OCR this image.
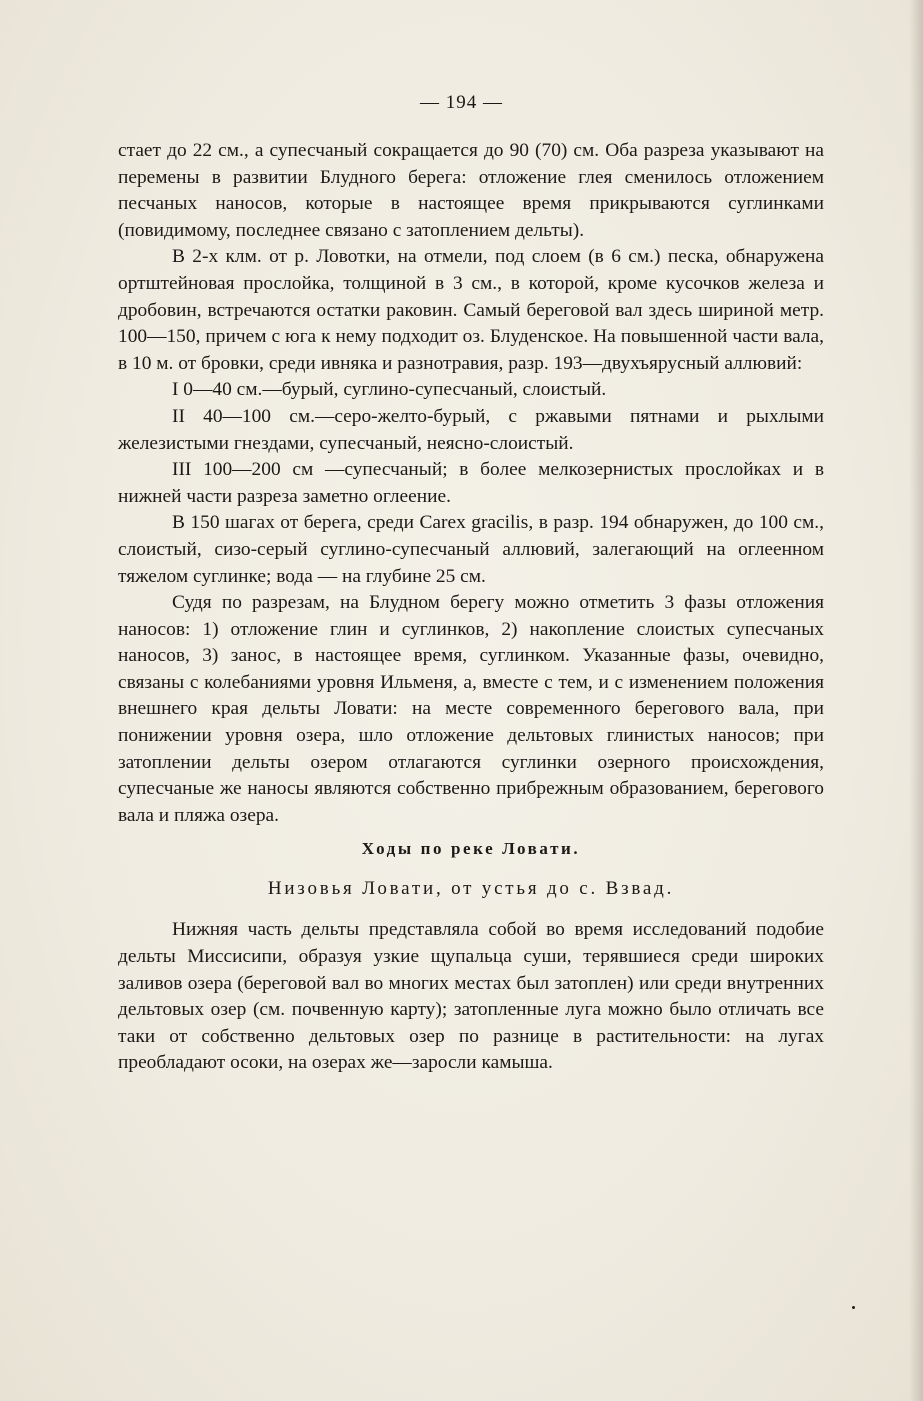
— 194 —

стает до 22 см., а супесчаный сокращается до 90 (70) см. Оба разреза указывают на перемены в развитии Блудного берега: отложение глея сменилось отложением песчаных наносов, которые в настоящее время прикрываются суглинками (повидимому, последнее связано с затоплением дельты).

В 2-х клм. от р. Ловотки, на отмели, под слоем (в 6 см.) песка, обнаружена ортштейновая прослойка, толщиной в 3 см., в которой, кроме кусочков железа и дробовин, встречаются остатки раковин. Самый береговой вал здесь шириной метр. 100—150, причем с юга к нему подходит оз. Блуденское. На повышенной части вала, в 10 м. от бровки, среди ивняка и разнотравия, разр. 193—двухъярусный аллювий:

I 0—40 см.—бурый, суглино-супесчаный, слоистый.

II 40—100 см.—серо-желто-бурый, с ржавыми пятнами и рыхлыми железистыми гнездами, супесчаный, неясно-слоистый.

III 100—200 см —супесчаный; в более мелкозернистых прослойках и в нижней части разреза заметно оглеение.

В 150 шагах от берега, среди Carex gracilis, в разр. 194 обнаружен, до 100 см., слоистый, сизо-серый суглино-супесчаный аллювий, залегающий на оглеенном тяжелом суглинке; вода — на глубине 25 см.

Судя по разрезам, на Блудном берегу можно отметить 3 фазы отложения наносов: 1) отложение глин и суглинков, 2) накопление слоистых супесчаных наносов, 3) занос, в настоящее время, суглинком. Указанные фазы, очевидно, связаны с колебаниями уровня Ильменя, а, вместе с тем, и с изменением положения внешнего края дельты Ловати: на месте современного берегового вала, при понижении уровня озера, шло отложение дельтовых глинистых наносов; при затоплении дельты озером отлагаются суглинки озерного происхождения, супесчаные же наносы являются собственно прибрежным образованием, берегового вала и пляжа озера.

Ходы по реке Ловати.
Низовья Ловати, от устья до с. Взвад.

Нижняя часть дельты представляла собой во время исследований подобие дельты Миссисипи, образуя узкие щупальца суши, терявшиеся среди широких заливов озера (береговой вал во многих местах был затоплен) или среди внутренних дельтовых озер (см. почвенную карту); затопленные луга можно было отличать все таки от собственно дельтовых озер по разнице в растительности: на лугах преобладают осоки, на озерах же—заросли камыша.
